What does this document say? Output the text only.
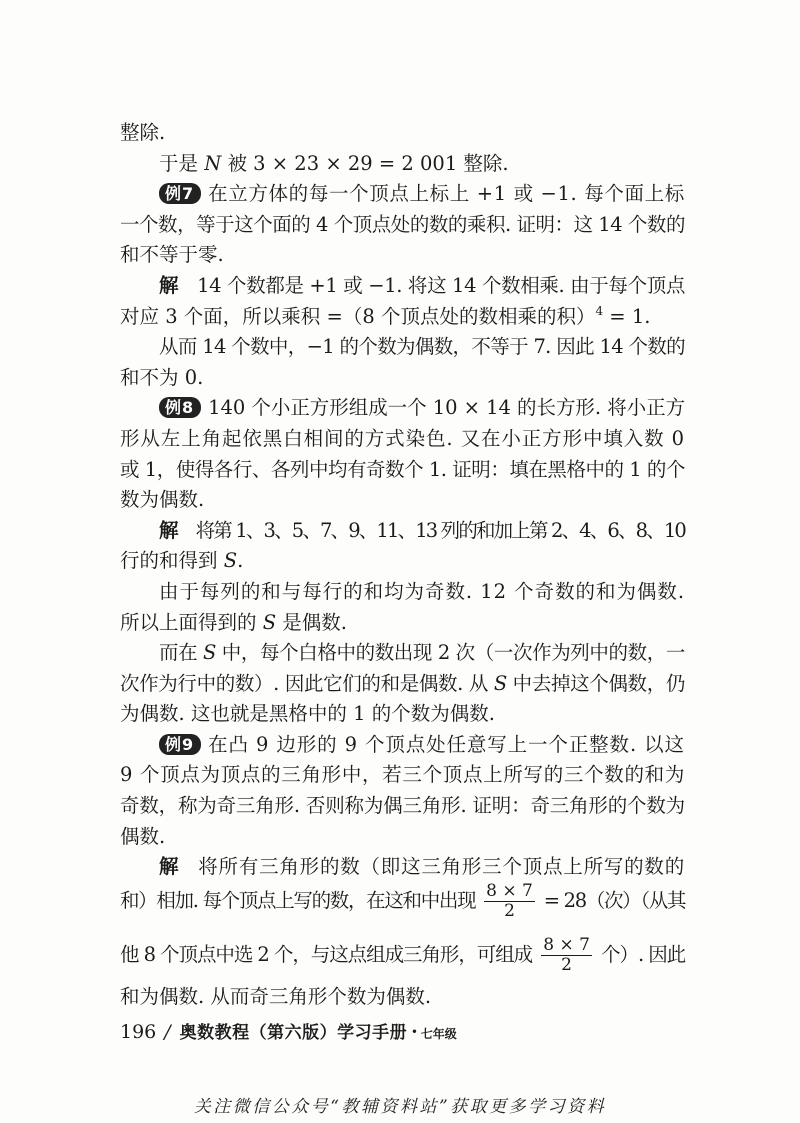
整除.
于是 N 被 3 × 23 × 29 = 2 001 整除.
例7 在立方体的每一个顶点上标上 +1 或 −1. 每个面上标
一个数，等于这个面的 4 个顶点处的数的乘积. 证明：这 14 个数的
和不等于零.
解 14 个数都是 +1 或 −1. 将这 14 个数相乘. 由于每个顶点
对应 3 个面，所以乘积 =（8 个顶点处的数相乘的积）$^4$ = 1.
从而 14 个数中，−1 的个数为偶数，不等于 7. 因此 14 个数的
和不为 0.
例8 140 个小正方形组成一个 10 × 14 的长方形. 将小正方
形从左上角起依黑白相间的方式染色. 又在小正方形中填入数 0
或 1，使得各行、各列中均有奇数个 1. 证明：填在黑格中的 1 的个
数为偶数.
解 将第 1、3、5、7、9、11、13 列的和加上第 2、4、6、8、10
行的和得到 S.
由于每列的和与每行的和均为奇数. 12 个奇数的和为偶数.
所以上面得到的 S 是偶数.
而在 S 中，每个白格中的数出现 2 次（一次作为列中的数，一
次作为行中的数）. 因此它们的和是偶数. 从 S 中去掉这个偶数，仍
为偶数. 这也就是黑格中的 1 的个数为偶数.
例9 在凸 9 边形的 9 个顶点处任意写上一个正整数. 以这
9 个顶点为顶点的三角形中，若三个顶点上所写的三个数的和为
奇数，称为奇三角形. 否则称为偶三角形. 证明：奇三角形的个数为
偶数.
解 将所有三角形的数（即这三角形三个顶点上所写的数的
和）相加. 每个顶点上写的数，在这和中出现 $\frac{8 \times 7}{2} = 28$（次）（从其
他 8 个顶点中选 2 个，与这点组成三角形，可组成 $\frac{8 \times 7}{2}$ 个）. 因此
和为偶数. 从而奇三角形个数为偶数.
196 / 奥数教程（第六版）学习手册 · 七年级
关注微信公众号“教辅资料站”获取更多学习资料
